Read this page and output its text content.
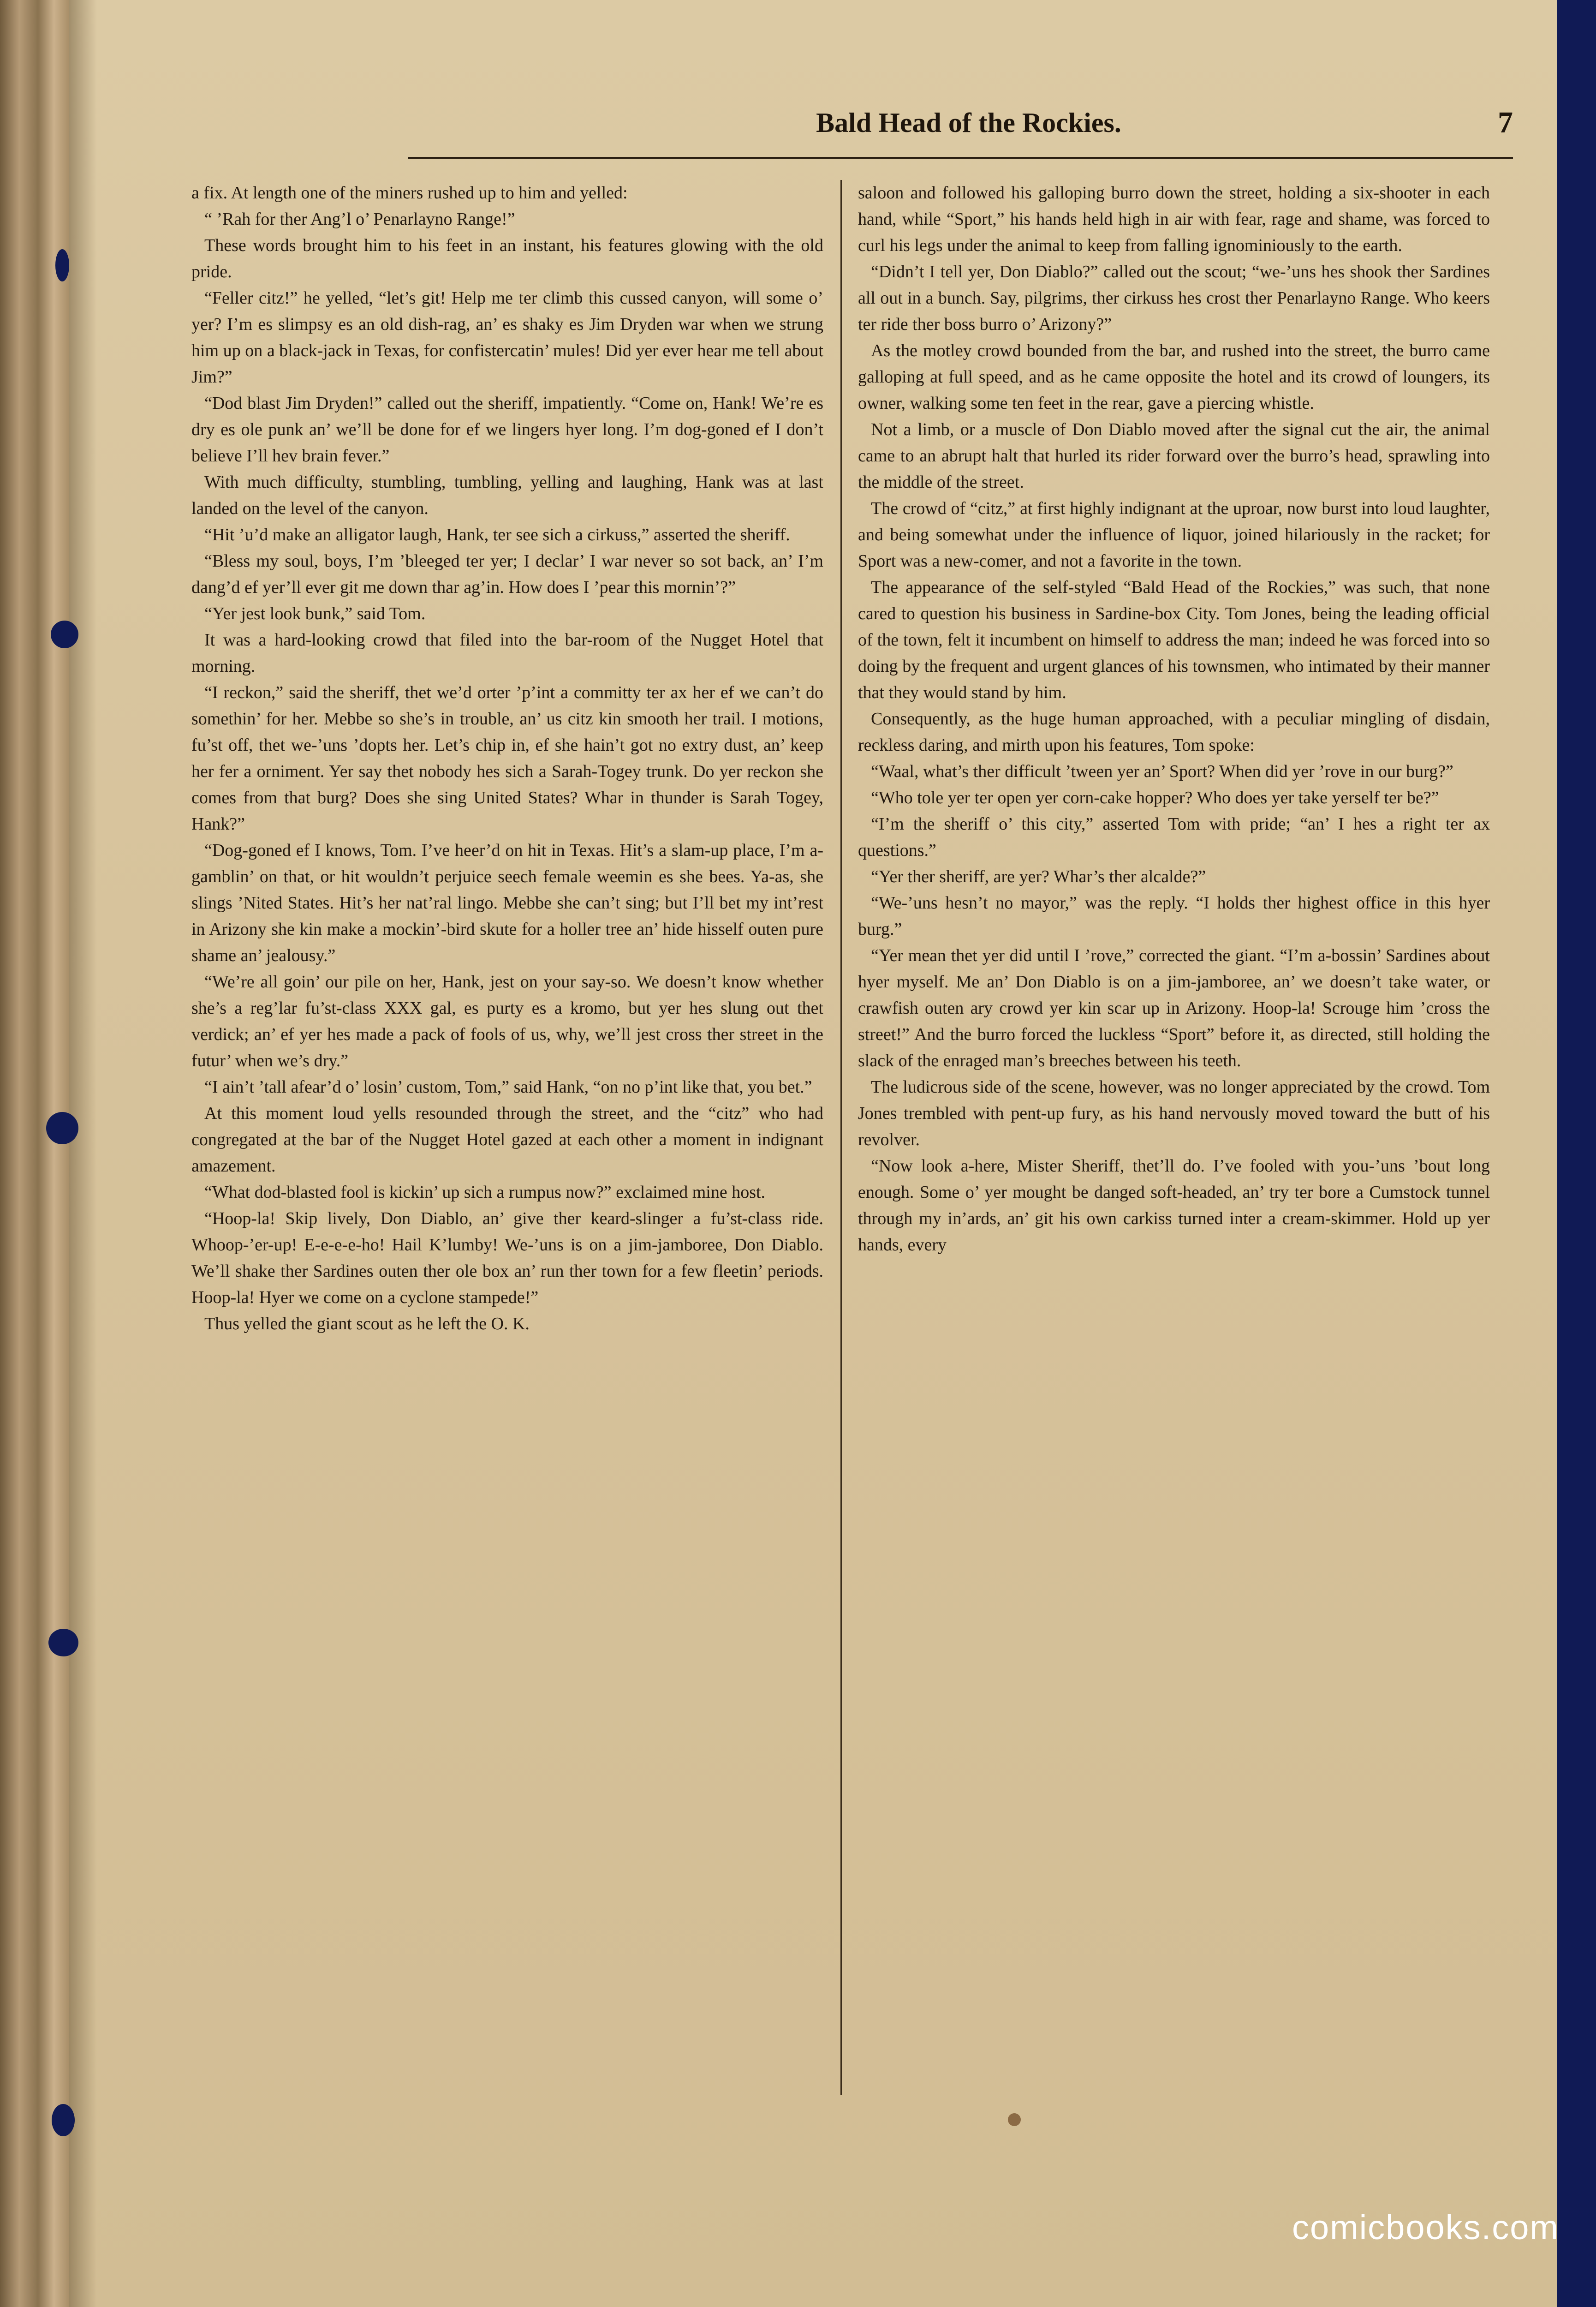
Bald Head of the Rockies.	7

a fix. At length one of the miners rushed up to him and yelled:

“ ’Rah for ther Ang’l o’ Penarlayno Range!”

These words brought him to his feet in an instant, his features glowing with the old pride.

“Feller citz!” he yelled, “let’s git! Help me ter climb this cussed canyon, will some o’ yer? I’m es slimpsy es an old dish-rag, an’ es shaky es Jim Dryden war when we strung him up on a black-jack in Texas, for confistercatin’ mules! Did yer ever hear me tell about Jim?”

“Dod blast Jim Dryden!” called out the sheriff, impatiently. “Come on, Hank! We’re es dry es ole punk an’ we’ll be done for ef we lingers hyer long. I’m dog-goned ef I don’t believe I’ll hev brain fever.”

With much difficulty, stumbling, tumbling, yelling and laughing, Hank was at last landed on the level of the canyon.

“Hit ’u’d make an alligator laugh, Hank, ter see sich a cirkuss,” asserted the sheriff.

“Bless my soul, boys, I’m ’bleeged ter yer; I declar’ I war never so sot back, an’ I’m dang’d ef yer’ll ever git me down thar ag’in. How does I ’pear this mornin’?”

“Yer jest look bunk,” said Tom.

It was a hard-looking crowd that filed into the bar-room of the Nugget Hotel that morning.

“I reckon,” said the sheriff, thet we’d orter ’p’int a committy ter ax her ef we can’t do somethin’ for her. Mebbe so she’s in trouble, an’ us citz kin smooth her trail. I motions, fu’st off, thet we-’uns ’dopts her. Let’s chip in, ef she hain’t got no extry dust, an’ keep her fer a orniment. Yer say thet nobody hes sich a Sarah-Togey trunk. Do yer reckon she comes from that burg? Does she sing United States? Whar in thunder is Sarah Togey, Hank?”

“Dog-goned ef I knows, Tom. I’ve heer’d on hit in Texas. Hit’s a slam-up place, I’m a-gamblin’ on that, or hit wouldn’t perjuice seech female weemin es she bees. Ya-as, she slings ’Nited States. Hit’s her nat’ral lingo. Mebbe she can’t sing; but I’ll bet my int’rest in Arizony she kin make a mockin’-bird skute for a holler tree an’ hide hisself outen pure shame an’ jealousy.”

“We’re all goin’ our pile on her, Hank, jest on your say-so. We doesn’t know whether she’s a reg’lar fu’st-class XXX gal, es purty es a kromo, but yer hes slung out thet verdick; an’ ef yer hes made a pack of fools of us, why, we’ll jest cross ther street in the futur’ when we’s dry.”

“I ain’t ’tall afear’d o’ losin’ custom, Tom,” said Hank, “on no p’int like that, you bet.”

At this moment loud yells resounded through the street, and the “citz” who had congregated at the bar of the Nugget Hotel gazed at each other a moment in indignant amazement.

“What dod-blasted fool is kickin’ up sich a rumpus now?” exclaimed mine host.

“Hoop-la! Skip lively, Don Diablo, an’ give ther keard-slinger a fu’st-class ride. Whoop-’er-up! E-e-e-e-ho! Hail K’lumby! We-’uns is on a jim-jamboree, Don Diablo. We’ll shake ther Sardines outen ther ole box an’ run ther town for a few fleetin’ periods. Hoop-la! Hyer we come on a cyclone stampede!”

Thus yelled the giant scout as he left the O. K.

saloon and followed his galloping burro down the street, holding a six-shooter in each hand, while “Sport,” his hands held high in air with fear, rage and shame, was forced to curl his legs under the animal to keep from falling ignominiously to the earth.

“Didn’t I tell yer, Don Diablo?” called out the scout; “we-’uns hes shook ther Sardines all out in a bunch. Say, pilgrims, ther cirkuss hes crost ther Penarlayno Range. Who keers ter ride ther boss burro o’ Arizony?”

As the motley crowd bounded from the bar, and rushed into the street, the burro came galloping at full speed, and as he came opposite the hotel and its crowd of loungers, its owner, walking some ten feet in the rear, gave a piercing whistle.

Not a limb, or a muscle of Don Diablo moved after the signal cut the air, the animal came to an abrupt halt that hurled its rider forward over the burro’s head, sprawling into the middle of the street.

The crowd of “citz,” at first highly indignant at the uproar, now burst into loud laughter, and being somewhat under the influence of liquor, joined hilariously in the racket; for Sport was a new-comer, and not a favorite in the town.

The appearance of the self-styled “Bald Head of the Rockies,” was such, that none cared to question his business in Sardine-box City. Tom Jones, being the leading official of the town, felt it incumbent on himself to address the man; indeed he was forced into so doing by the frequent and urgent glances of his townsmen, who intimated by their manner that they would stand by him.

Consequently, as the huge human approached, with a peculiar mingling of disdain, reckless daring, and mirth upon his features, Tom spoke:

“Waal, what’s ther difficult ’tween yer an’ Sport? When did yer ’rove in our burg?”

“Who tole yer ter open yer corn-cake hopper? Who does yer take yerself ter be?”

“I’m the sheriff o’ this city,” asserted Tom with pride; “an’ I hes a right ter ax questions.”

“Yer ther sheriff, are yer? Whar’s ther alcalde?”

“We-’uns hesn’t no mayor,” was the reply. “I holds ther highest office in this hyer burg.”

“Yer mean thet yer did until I ’rove,” corrected the giant. “I’m a-bossin’ Sardines about hyer myself. Me an’ Don Diablo is on a jim-jamboree, an’ we doesn’t take water, or crawfish outen ary crowd yer kin scar up in Arizony. Hoop-la! Scrouge him ’cross the street!” And the burro forced the luckless “Sport” before it, as directed, still holding the slack of the enraged man’s breeches between his teeth.

The ludicrous side of the scene, however, was no longer appreciated by the crowd. Tom Jones trembled with pent-up fury, as his hand nervously moved toward the butt of his revolver.

“Now look a-here, Mister Sheriff, thet’ll do. I’ve fooled with you-’uns ’bout long enough. Some o’ yer mought be danged soft-headed, an’ try ter bore a Cumstock tunnel through my in’ards, an’ git his own carkiss turned inter a cream-skimmer. Hold up yer hands, every

comicbooks.com
